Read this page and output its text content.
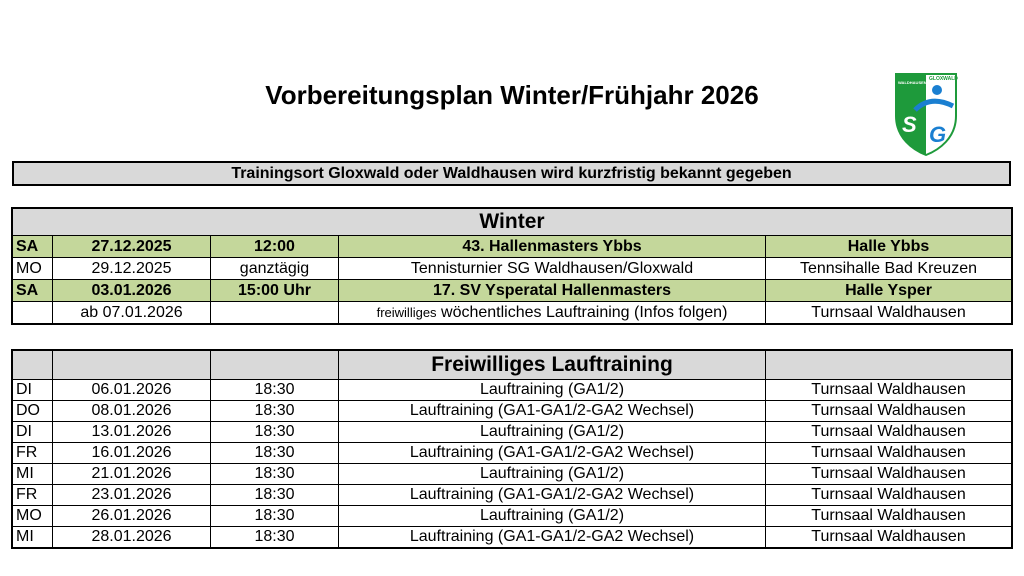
Vorbereitungsplan Winter/Frühjahr 2026
S G
GLOXWALD
WALDHAUSEN
Trainingsort Gloxwald oder Waldhausen wird kurzfristig bekannt gegeben
Winter				
SA	27.12.2025	12:00	43. Hallenmasters Ybbs	Halle Ybbs
MO	29.12.2025	ganztägig	Tennisturnier SG Waldhausen/Gloxwald	Tennsihalle Bad Kreuzen
SA	03.01.2026	15:00 Uhr	17. SV Ysperatal Hallenmasters	Halle Ysper
	ab 07.01.2026		freiwilliges wöchentliches Lauftraining (Infos folgen)	Turnsaal Waldhausen
			Freiwilliges Lauftraining	
DI	06.01.2026	18:30	Lauftraining (GA1/2)	Turnsaal Waldhausen
DO	08.01.2026	18:30	Lauftraining (GA1-GA1/2-GA2 Wechsel)	Turnsaal Waldhausen
DI	13.01.2026	18:30	Lauftraining (GA1/2)	Turnsaal Waldhausen
FR	16.01.2026	18:30	Lauftraining (GA1-GA1/2-GA2 Wechsel)	Turnsaal Waldhausen
MI	21.01.2026	18:30	Lauftraining (GA1/2)	Turnsaal Waldhausen
FR	23.01.2026	18:30	Lauftraining (GA1-GA1/2-GA2 Wechsel)	Turnsaal Waldhausen
MO	26.01.2026	18:30	Lauftraining (GA1/2)	Turnsaal Waldhausen
MI	28.01.2026	18:30	Lauftraining (GA1-GA1/2-GA2 Wechsel)	Turnsaal Waldhausen
